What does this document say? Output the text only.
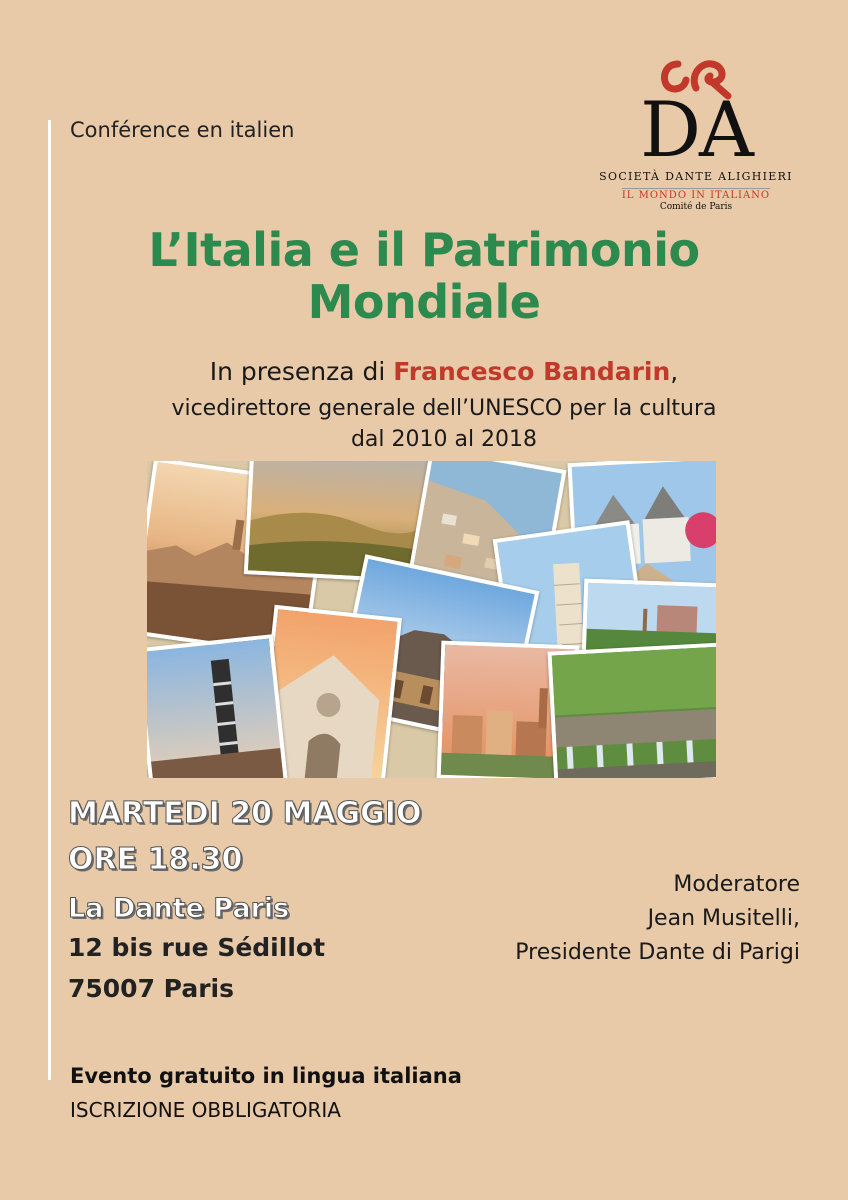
Conférence en italien	DA
SOCIETÀ DANTE ALIGHIERI
IL MONDO IN ITALIANO
Comité de Paris
L’Italia e il Patrimonio
Mondiale
In presenza di Francesco Bandarin,
vicedirettore generale dell’UNESCO per la cultura
dal 2010 al 2018
MARTEDI 20 MAGGIO
ORE 18.30
La Dante Paris
12 bis rue Sédillot
75007 Paris
Moderatore
Jean Musitelli,
Presidente Dante di Parigi
Evento gratuito in lingua italiana
ISCRIZIONE OBBLIGATORIA
